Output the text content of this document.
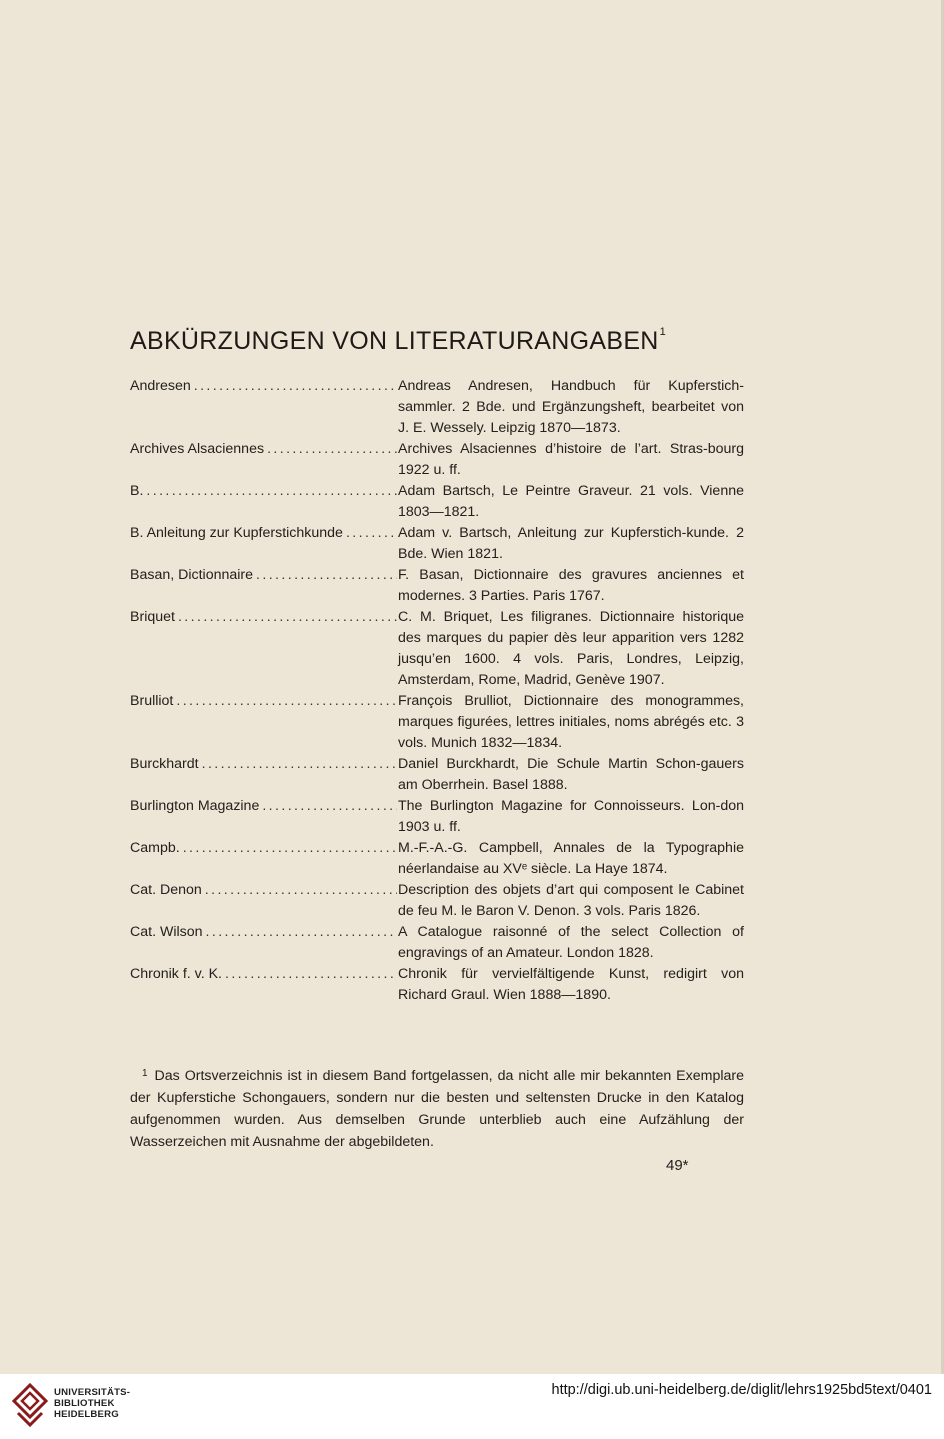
ABKÜRZUNGEN VON LITERATURANGABEN$^1$
Andresen .....	Andreas Andresen, Handbuch für Kupferstich-sammler. 2 Bde. und Ergänzungsheft, bearbeitet von J. E. Wessely. Leipzig 1870—1873.
Archives Alsaciennes .....	Archives Alsaciennes d’histoire de l’art. Stras-bourg 1922 u. ff.
B. .....	Adam Bartsch, Le Peintre Graveur. 21 vols. Vienne 1803—1821.
B. Anleitung zur Kupferstichkunde .....	Adam v. Bartsch, Anleitung zur Kupferstich-kunde. 2 Bde. Wien 1821.
Basan, Dictionnaire .....	F. Basan, Dictionnaire des gravures anciennes et modernes. 3 Parties. Paris 1767.
Briquet .....	C. M. Briquet, Les filigranes. Dictionnaire historique des marques du papier dès leur apparition vers 1282 jusqu’en 1600. 4 vols. Paris, Londres, Leipzig, Amsterdam, Rome, Madrid, Genève 1907.
Brulliot .....	François Brulliot, Dictionnaire des monogrammes, marques figurées, lettres initiales, noms abrégés etc. 3 vols. Munich 1832—1834.
Burckhardt .....	Daniel Burckhardt, Die Schule Martin Schon-gauers am Oberrhein. Basel 1888.
Burlington Magazine .....	The Burlington Magazine for Connoisseurs. Lon-don 1903 u. ff.
Campb. .....	M.-F.-A.-G. Campbell, Annales de la Typographie néerlandaise au XVᵉ siècle. La Haye 1874.
Cat. Denon .....	Description des objets d’art qui composent le Cabinet de feu M. le Baron V. Denon. 3 vols. Paris 1826.
Cat. Wilson .....	A Catalogue raisonné of the select Collection of engravings of an Amateur. London 1828.
Chronik f. v. K. .....	Chronik für vervielfältigende Kunst, redigirt von Richard Graul. Wien 1888—1890.
$^1$ Das Ortsverzeichnis ist in diesem Band fortgelassen, da nicht alle mir bekannten Exemplare der Kupferstiche Schongauers, sondern nur die besten und seltensten Drucke in den Katalog aufgenommen wurden. Aus demselben Grunde unterblieb auch eine Aufzählung der Wasserzeichen mit Ausnahme der abgebildeten.
49*
UNIVERSITÄTS-
BIBLIOTHEK
HEIDELBERG
http://digi.ub.uni-heidelberg.de/diglit/lehrs1925bd5text/0401
